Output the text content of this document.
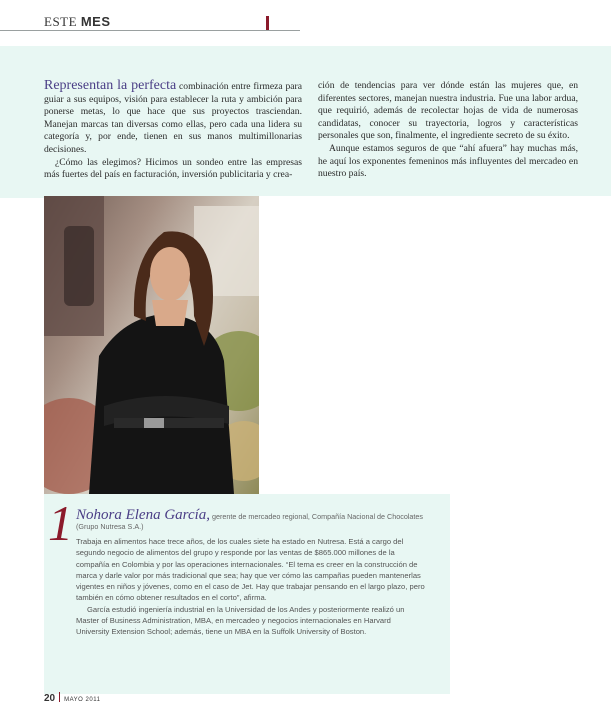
ESTE MES

Representan la perfecta combinación entre firmeza para guiar a sus equipos, visión para establecer la ruta y ambición para ponerse metas, lo que hace que sus proyectos trasciendan. Manejan marcas tan diversas como ellas, pero cada una lidera su categoría y, por ende, tienen en sus manos multimillonarias decisiones.

¿Cómo las elegimos? Hicimos un sondeo entre las empresas más fuertes del país en facturación, inversión publicitaria y crea-

ción de tendencias para ver dónde están las mujeres que, en diferentes sectores, manejan nuestra industria. Fue una labor ardua, que requirió, además de recolectar hojas de vida de numerosas candidatas, conocer su trayectoria, logros y características personales que son, finalmente, el ingrediente secreto de su éxito.

Aunque estamos seguros de que “ahí afuera” hay muchas más, he aquí los exponentes femeninos más influyentes del mercadeo en nuestro país.

1 Nohora Elena García, gerente de mercadeo regional, Compañía Nacional de Chocolates (Grupo Nutresa S.A.)

Trabaja en alimentos hace trece años, de los cuales siete ha estado en Nutresa. Está a cargo del segundo negocio de alimentos del grupo y responde por las ventas de $865.000 millones de la compañía en Colombia y por las operaciones internacionales. “El tema es creer en la construcción de marca y darle valor por más tradicional que sea; hay que ver cómo las campañas pueden mantenerlas vigentes en niños y jóvenes, como en el caso de Jet. Hay que trabajar pensando en el largo plazo, pero también en cómo obtener resultados en el corto”, afirma.

García estudió ingeniería industrial en la Universidad de los Andes y posteriormente realizó un Master of Business Administration, MBA, en mercadeo y negocios internacionales en Harvard University Extension School; además, tiene un MBA en la Suffolk University of Boston.

20 MAYO 2011
